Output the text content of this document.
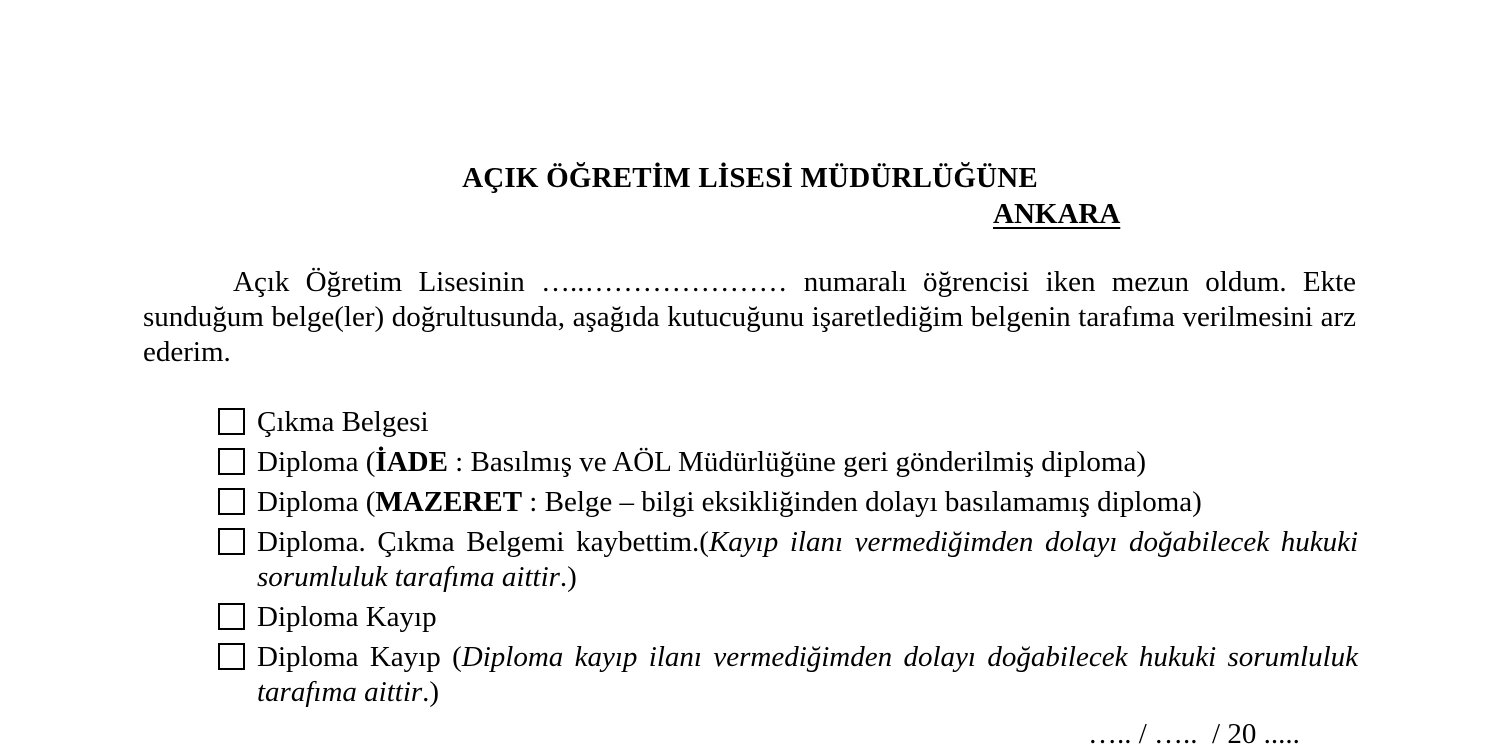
AÇIK ÖĞRETİM LİSESİ MÜDÜRLÜĞÜNE
ANKARA

Açık Öğretim Lisesinin …..………………… numaralı öğrencisi iken mezun oldum. Ekte sunduğum belge(ler) doğrultusunda, aşağıda kutucuğunu işaretlediğim belgenin tarafıma verilmesini arz ederim.

Çıkma Belgesi
Diploma (İADE : Basılmış ve AÖL Müdürlüğüne geri gönderilmiş diploma)
Diploma (MAZERET : Belge – bilgi eksikliğinden dolayı basılamamış diploma)
Diploma. Çıkma Belgemi kaybettim.(Kayıp ilanı vermediğimden dolayı doğabilecek hukuki sorumluluk tarafıma aittir.)
Diploma Kayıp
Diploma Kayıp (Diploma kayıp ilanı vermediğimden dolayı doğabilecek hukuki sorumluluk tarafıma aittir.)
….. / …..  / 20 .....
